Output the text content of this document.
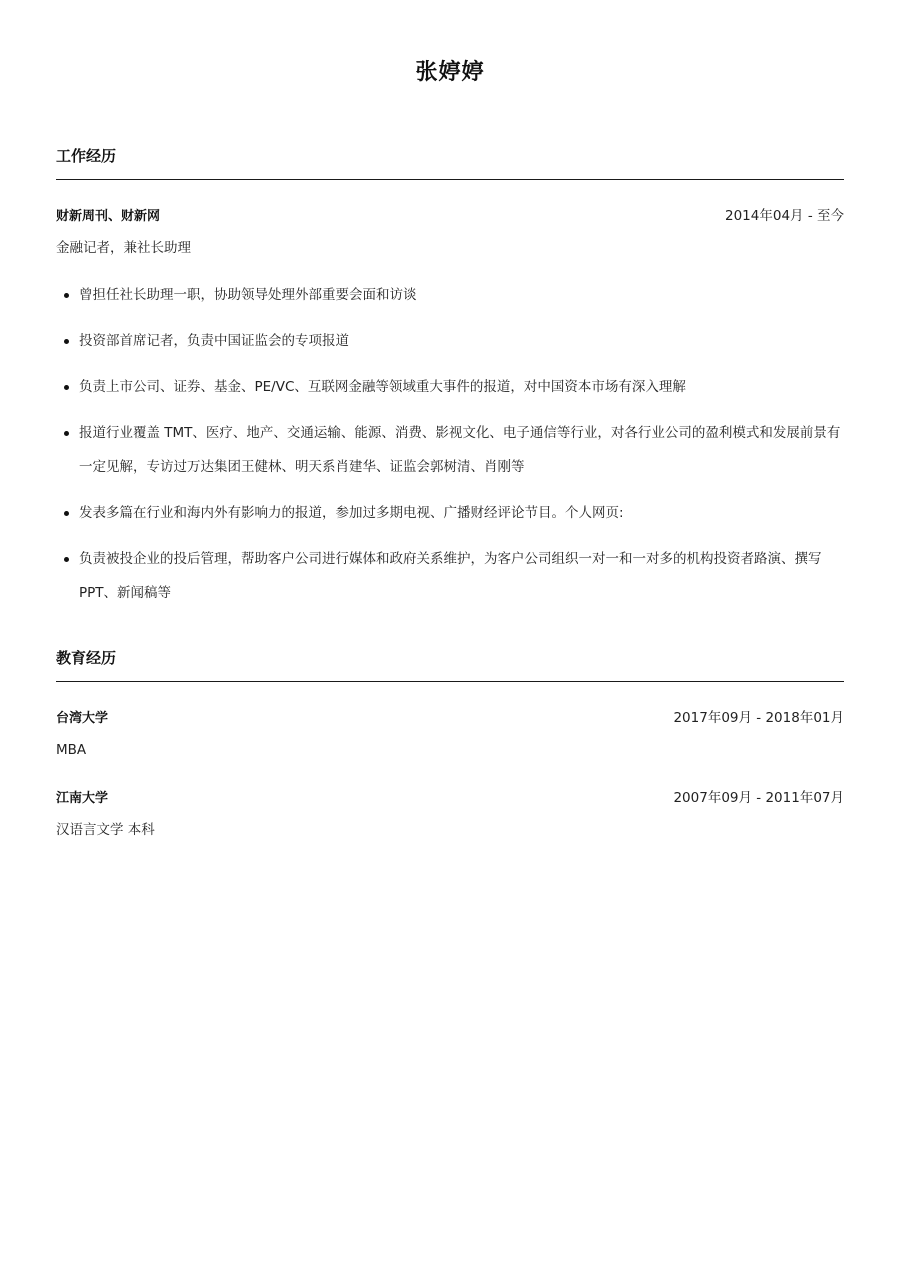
张婷婷
工作经历
财新周刊、财新网	2014年04月 - 至今
金融记者，兼社长助理
曾担任社长助理一职，协助领导处理外部重要会面和访谈
投资部首席记者，负责中国证监会的专项报道
负责上市公司、证券、基金、PE/VC、互联网金融等领域重大事件的报道，对中国资本市场有深入理解
报道行业覆盖 TMT、医疗、地产、交通运输、能源、消费、影视文化、电子通信等行业，对各行业公司的盈利模式和发展前景有一定见解，专访过万达集团王健林、明天系肖建华、证监会郭树清、肖刚等
发表多篇在行业和海内外有影响力的报道，参加过多期电视、广播财经评论节目。个人网页:
负责被投企业的投后管理，帮助客户公司进行媒体和政府关系维护，为客户公司组织一对一和一对多的机构投资者路演、撰写PPT、新闻稿等
教育经历
台湾大学	2017年09月 - 2018年01月
MBA
江南大学	2007年09月 - 2011年07月
汉语言文学 本科
